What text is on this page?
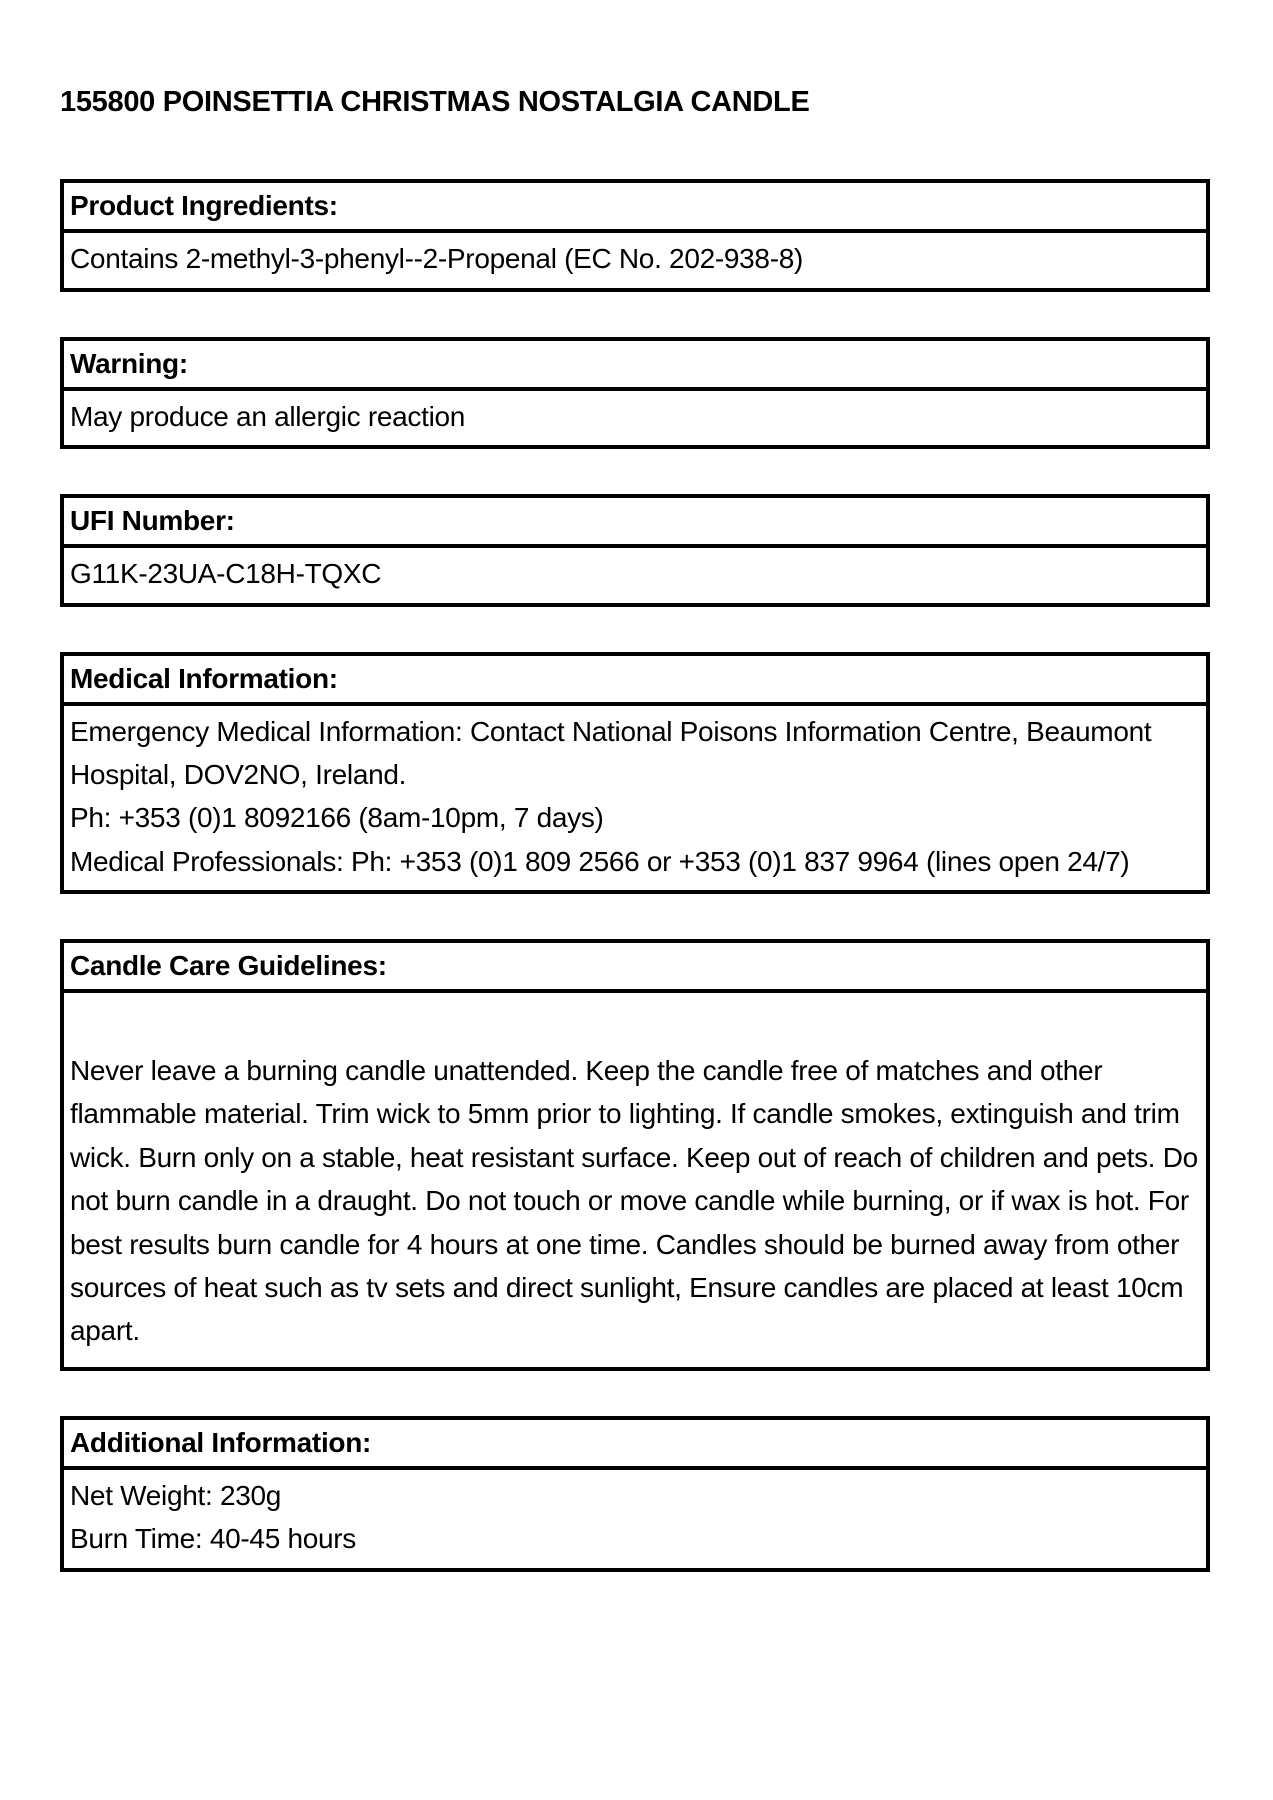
155800 POINSETTIA CHRISTMAS NOSTALGIA CANDLE
Product Ingredients:

Contains 2-methyl-3-phenyl--2-Propenal (EC No. 202-938-8)

Warning:

May produce an allergic reaction

UFI Number:

G11K-23UA-C18H-TQXC

Medical Information:

Emergency Medical Information: Contact National Poisons Information Centre, Beaumont Hospital, DOV2NO, Ireland.

Ph: +353 (0)1 8092166 (8am-10pm, 7 days)

Medical Professionals: Ph: +353 (0)1 809 2566 or +353 (0)1 837 9964 (lines open 24/7)

Candle Care Guidelines:

Never leave a burning candle unattended. Keep the candle free of matches and other flammable material. Trim wick to 5mm prior to lighting. If candle smokes, extinguish and trim wick. Burn only on a stable, heat resistant surface. Keep out of reach of children and pets. Do not burn candle in a draught. Do not touch or move candle while burning, or if wax is hot. For best results burn candle for 4 hours at one time. Candles should be burned away from other sources of heat such as tv sets and direct sunlight, Ensure candles are placed at least 10cm apart.

Additional Information:

Net Weight: 230g

Burn Time: 40-45 hours
